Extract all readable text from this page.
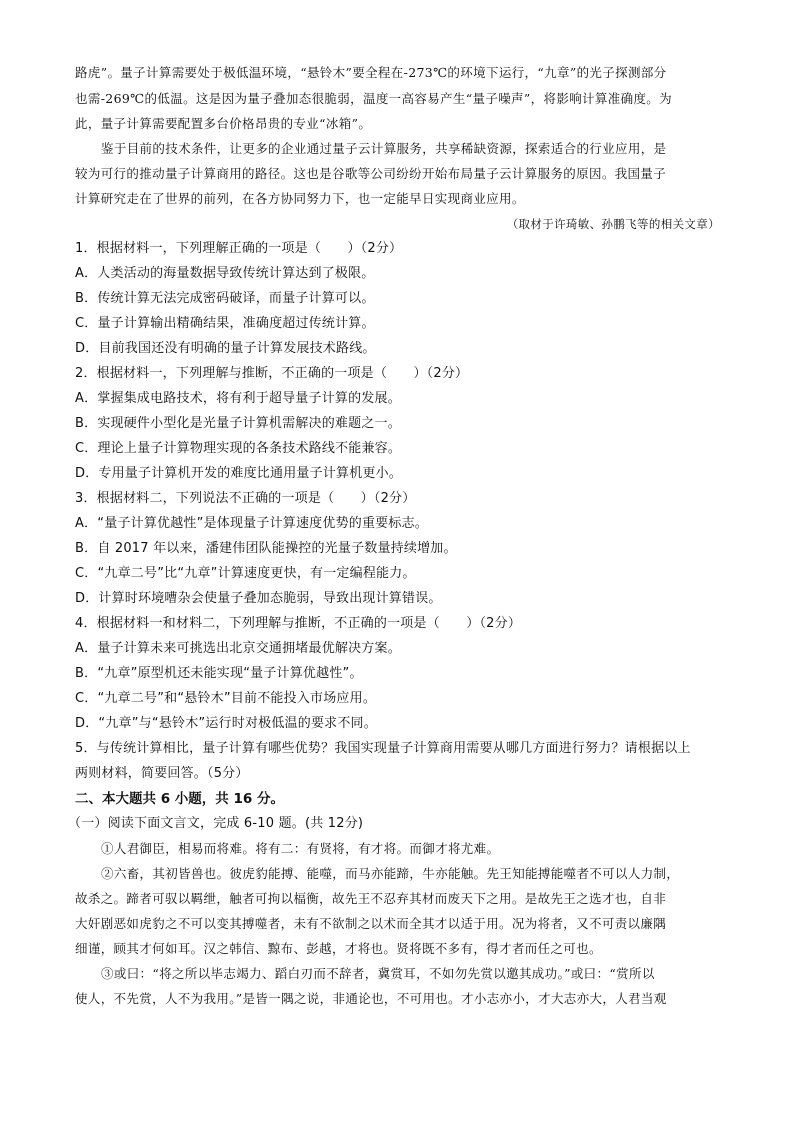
路虎”。量子计算需要处于极低温环境，“悬铃木”要全程在-273℃的环境下运行，“九章”的光子探测部分
也需-269℃的低温。这是因为量子叠加态很脆弱，温度一高容易产生“量子噪声”，将影响计算准确度。为
此，量子计算需要配置多台价格昂贵的专业“冰箱”。
鉴于目前的技术条件，让更多的企业通过量子云计算服务，共享稀缺资源，探索适合的行业应用，是
较为可行的推动量子计算商用的路径。这也是谷歌等公司纷纷开始布局量子云计算服务的原因。我国量子
计算研究走在了世界的前列，在各方协同努力下，也一定能早日实现商业应用。
（取材于许琦敏、孙鹏飞等的相关文章）
1．根据材料一，下列理解正确的一项是（　　）（2分）
A．人类活动的海量数据导致传统计算达到了极限。
B．传统计算无法完成密码破译，而量子计算可以。
C．量子计算输出精确结果，准确度超过传统计算。
D．目前我国还没有明确的量子计算发展技术路线。
2．根据材料一，下列理解与推断，不正确的一项是（　　）（2分）
A．掌握集成电路技术，将有利于超导量子计算的发展。
B．实现硬件小型化是光量子计算机需解决的难题之一。
C．理论上量子计算物理实现的各条技术路线不能兼容。
D．专用量子计算机开发的难度比通用量子计算机更小。
3．根据材料二，下列说法不正确的一项是（　　）（2分）
A．“量子计算优越性”是体现量子计算速度优势的重要标志。
B．自 2017 年以来，潘建伟团队能操控的光量子数量持续增加。
C．“九章二号”比“九章”计算速度更快，有一定编程能力。
D．计算时环境嘈杂会使量子叠加态脆弱，导致出现计算错误。
4．根据材料一和材料二，下列理解与推断，不正确的一项是（　　）（2分）
A．量子计算未来可挑选出北京交通拥堵最优解决方案。
B．“九章”原型机还未能实现“量子计算优越性”。
C．“九章二号”和“悬铃木”目前不能投入市场应用。
D．“九章”与“悬铃木”运行时对极低温的要求不同。
5．与传统计算相比，量子计算有哪些优势？我国实现量子计算商用需要从哪几方面进行努力？请根据以上
两则材料，简要回答。（5分）
二、本大题共 6 小题，共 16 分。
（一）阅读下面文言文，完成 6-10 题。(共 12分)
①人君御臣，相易而将难。将有二：有贤将，有才将。而御才将尤难。
②六畜，其初皆兽也。彼虎豹能搏、能噬，而马亦能蹄，牛亦能触。先王知能搏能噬者不可以人力制，
故杀之。蹄者可驭以羁绁，触者可拘以楅衡，故先王不忍弃其材而废天下之用。是故先王之选才也，自非
大奸剧恶如虎豹之不可以变其搏噬者，未有不欲制之以术而全其才以适于用。况为将者，又不可责以廉隅
细谨，顾其才何如耳。汉之韩信、黥布、彭越，才将也。贤将既不多有，得才者而任之可也。
③或曰：“将之所以毕志竭力、蹈白刃而不辞者，冀赏耳，不如勿先赏以邀其成功。”或曰：“赏所以
使人，不先赏，人不为我用。”是皆一隅之说，非通论也，不可用也。才小志亦小，才大志亦大，人君当观
